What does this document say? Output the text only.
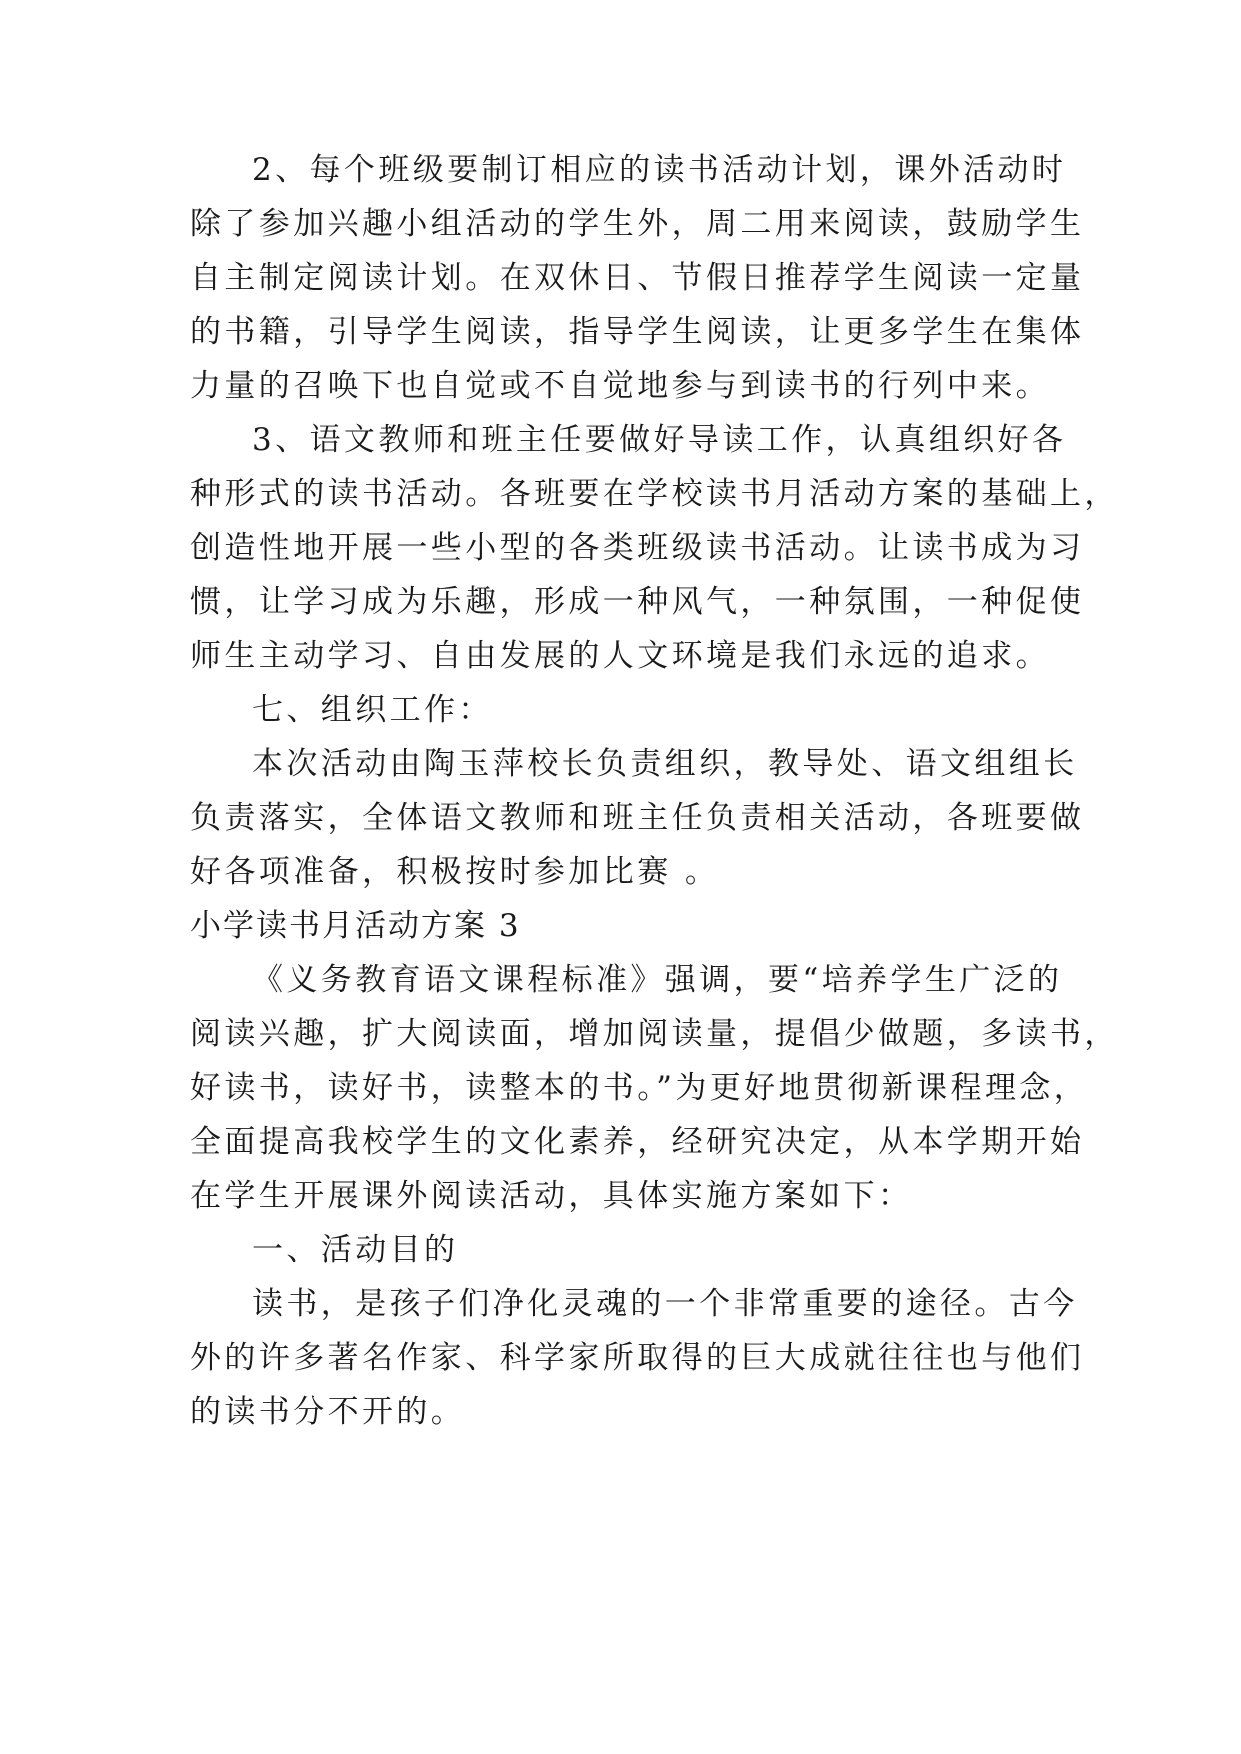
2、每个班级要制订相应的读书活动计划，课外活动时
除了参加兴趣小组活动的学生外，周二用来阅读，鼓励学生
自主制定阅读计划。在双休日、节假日推荐学生阅读一定量
的书籍，引导学生阅读，指导学生阅读，让更多学生在集体
力量的召唤下也自觉或不自觉地参与到读书的行列中来。
3、语文教师和班主任要做好导读工作，认真组织好各
种形式的读书活动。各班要在学校读书月活动方案的基础上，
创造性地开展一些小型的各类班级读书活动。让读书成为习
惯，让学习成为乐趣，形成一种风气，一种氛围，一种促使
师生主动学习、自由发展的人文环境是我们永远的追求。
七、组织工作：
本次活动由陶玉萍校长负责组织，教导处、语文组组长
负责落实，全体语文教师和班主任负责相关活动，各班要做
好各项准备，积极按时参加比赛 。
小学读书月活动方案 3
《义务教育语文课程标准》强调，要“培养学生广泛的
阅读兴趣，扩大阅读面，增加阅读量，提倡少做题，多读书，
好读书，读好书，读整本的书。”为更好地贯彻新课程理念，
全面提高我校学生的文化素养，经研究决定，从本学期开始
在学生开展课外阅读活动，具体实施方案如下：
一、活动目的
读书，是孩子们净化灵魂的一个非常重要的途径。古今
外的许多著名作家、科学家所取得的巨大成就往往也与他们
的读书分不开的。
